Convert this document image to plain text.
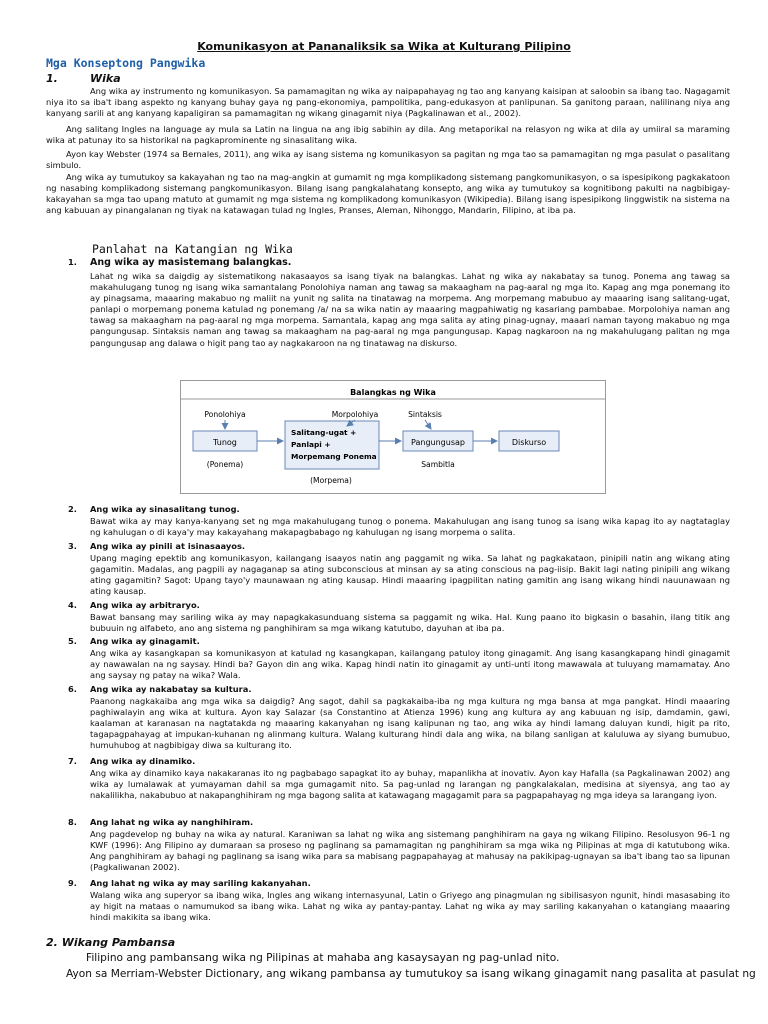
Komunikasyon at Pananaliksik sa Wika at Kulturang Pilipino
Mga Konseptong Pangwika
1.	Wika
Ang wika ay instrumento ng komunikasyon. Sa pamamagitan ng wika ay naipapahayag ng tao ang kanyang kaisipan at saloobin sa ibang tao. Nagagamit niya ito sa iba't ibang aspekto ng kanyang buhay gaya ng pang-ekonomiya, pampolitika, pang-edukasyon at panlipunan. Sa ganitong paraan, nalilinang niya ang kanyang sarili at ang kanyang kapaligiran sa pamamagitan ng wikang ginagamit niya (Pagkalinawan et al., 2002).
Ang salitang Ingles na language ay mula sa Latin na lingua na ang ibig sabihin ay dila. Ang metaporikal na relasyon ng wika at dila ay umiiral sa maraming wika at patunay ito sa historikal na pagkaprominente ng sinasalitang wika.
Ayon kay Webster (1974 sa Bernales, 2011), ang wika ay isang sistema ng komunikasyon sa pagitan ng mga tao sa pamamagitan ng mga pasulat o pasalitang simbulo.
Ang wika ay tumutukoy sa kakayahan ng tao na mag-angkin at gumamit ng mga komplikadong sistemang pangkomunikasyon, o sa ispesipikong pagkakatoon ng nasabing komplikadong sistemang pangkomunikasyon. Bilang isang pangkalahatang konsepto, ang wika ay tumutukoy sa kognitibong pakulti na nagbibigay-kakayahan sa mga tao upang matuto at gumamit ng mga sistema ng komplikadong komunikasyon (Wikipedia). Bilang isang ispesipikong linggwistik na sistema na ang kabuuan ay pinangalanan ng tiyak na katawagan tulad ng Ingles, Pranses, Aleman, Nihonggo, Mandarin, Filipino, at iba pa.
Panlahat na Katangian ng Wika
1. Ang wika ay masistemang balangkas.
Lahat ng wika sa daigdig ay sistematikong nakasaayos sa isang tiyak na balangkas. Lahat ng wika ay nakabatay sa tunog. Ponema ang tawag sa makahulugang tunog ng isang wika samantalang Ponolohiya naman ang tawag sa makaagham na pag-aaral ng mga ito. Kapag ang mga ponemang ito ay pinagsama, maaaring makabuo ng maliit na yunit ng salita na tinatawag na morpema. Ang morpemang mabubuo ay maaaring isang salitang-ugat, panlapi o morpemang ponema katulad ng ponemang /a/ na sa wika natin ay maaaring magpahiwatig ng kasariang pambabae. Morpolohiya naman ang tawag sa makaagham na pag-aaral ng mga morpema. Samantala, kapag ang mga salita ay ating pinag-ugnay, maaari naman tayong makabuo ng mga pangungusap. Sintaksis naman ang tawag sa makaagham na pag-aaral ng mga pangungusap. Kapag nagkaroon na ng makahulugang palitan ng mga pangungusap ang dalawa o higit pang tao ay nagkakaroon na ng tinatawag na diskurso.
Balangkas ng Wika
Ponolohiya	Morpolohiya	Sintaksis
Tunog
(Ponema)
Salitang-ugat +
Panlapi +
Morpemang Ponema
(Morpema)
Pangungusap
Sambitla
Diskurso
2. Ang wika ay sinasalitang tunog.
Bawat wika ay may kanya-kanyang set ng mga makahulugang tunog o ponema. Makahulugan ang isang tunog sa isang wika kapag ito ay nagtataglay ng kahulugan o di kaya'y may kakayahang makapagbabago ng kahulugan ng isang morpema o salita.
3. Ang wika ay pinili at isinasaayos.
Upang maging epektib ang komunikasyon, kailangang isaayos natin ang paggamit ng wika. Sa lahat ng pagkakataon, pinipili natin ang wikang ating gagamitin. Madalas, ang pagpili ay nagaganap sa ating subconscious at minsan ay sa ating conscious na pag-iisip. Bakit lagi nating pinipili ang wikang ating gagamitin? Sagot: Upang tayo'y maunawaan ng ating kausap. Hindi maaaring ipagpilitan nating gamitin ang isang wikang hindi nauunawaan ng ating kausap.
4. Ang wika ay arbitraryo.
Bawat bansang may sariling wika ay may napagkakasunduang sistema sa paggamit ng wika. Hal. Kung paano ito bigkasin o basahin, ilang titik ang bubuuin ng alfabeto, ano ang sistema ng panghihiram sa mga wikang katutubo, dayuhan at iba pa.
5. Ang wika ay ginagamit.
Ang wika ay kasangkapan sa komunikasyon at katulad ng kasangkapan, kailangang patuloy itong ginagamit. Ang isang kasangkapang hindi ginagamit ay nawawalan na ng saysay. Hindi ba? Gayon din ang wika. Kapag hindi natin ito ginagamit ay unti-unti itong mawawala at tuluyang mamamatay. Ano ang saysay ng patay na wika? Wala.
6. Ang wika ay nakabatay sa kultura.
Paanong nagkakaiba ang mga wika sa daigdig? Ang sagot, dahil sa pagkakaiba-iba ng mga kultura ng mga bansa at mga pangkat. Hindi maaaring paghiwalayin ang wika at kultura. Ayon kay Salazar (sa Constantino at Atienza 1996) kung ang kultura ay ang kabuuan ng isip, damdamin, gawi, kaalaman at karanasan na nagtatakda ng maaaring kakanyahan ng isang kalipunan ng tao, ang wika ay hindi lamang daluyan kundi, higit pa rito, tagapagpahayag at impukan-kuhanan ng alinmang kultura. Walang kulturang hindi dala ang wika, na bilang sanligan at kaluluwa ay siyang bumubuo, humuhubog at nagbibigay diwa sa kulturang ito.
7. Ang wika ay dinamiko.
Ang wika ay dinamiko kaya nakakaranas ito ng pagbabago sapagkat ito ay buhay, mapanlikha at inovativ. Ayon kay Hafalla (sa Pagkalinawan 2002) ang wika ay lumalawak at yumayaman dahil sa mga gumagamit nito. Sa pag-unlad ng larangan ng pangkalakalan, medisina at siyensya, ang tao ay nakalilikha, nakabubuo at nakapanghihiram ng mga bagong salita at katawagang magagamit para sa pagpapahayag ng mga ideya sa larangang iyon.
8. Ang lahat ng wika ay nanghihiram.
Ang pagdevelop ng buhay na wika ay natural. Karaniwan sa lahat ng wika ang sistemang panghihiram na gaya ng wikang Filipino. Resolusyon 96-1 ng KWF (1996): Ang Filipino ay dumaraan sa proseso ng paglinang sa pamamagitan ng panghihiram sa mga wika ng Pilipinas at mga di katutubong wika. Ang panghihiram ay bahagi ng paglinang sa isang wika para sa mabisang pagpapahayag at mahusay na pakikipag-ugnayan sa iba't ibang tao sa lipunan (Pagkaliwanan 2002).
9. Ang lahat ng wika ay may sariling kakanyahan.
Walang wika ang superyor sa ibang wika, Ingles ang wikang internasyunal, Latin o Griyego ang pinagmulan ng sibilisasyon ngunit, hindi masasabing ito ay higit na mataas o namumukod sa ibang wika. Lahat ng wika ay pantay-pantay. Lahat ng wika ay may sariling kakanyahan o katangiang maaaring hindi makikita sa ibang wika.
2. Wikang Pambansa
Filipino ang pambansang wika ng Pilipinas at mahaba ang kasaysayan ng pag-unlad nito.
Ayon sa Merriam-Webster Dictionary, ang wikang pambansa ay tumutukoy sa isang wikang ginagamit nang pasalita at pasulat ng
